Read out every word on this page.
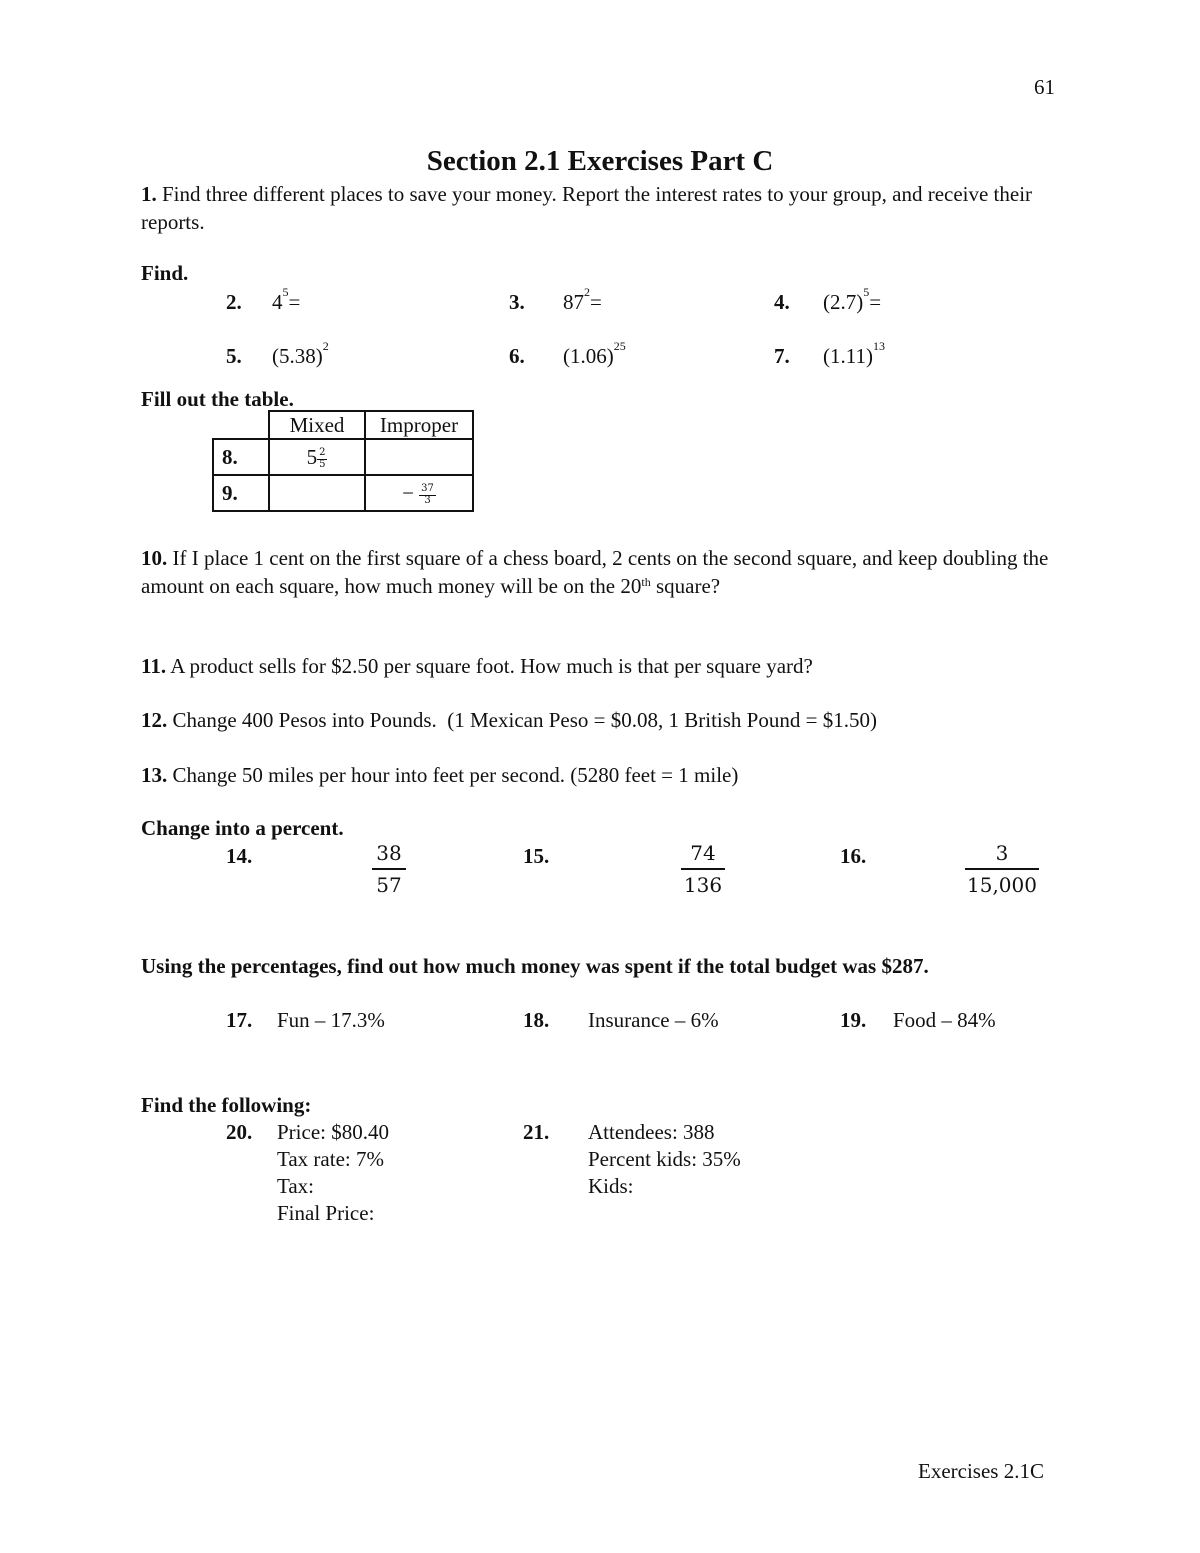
61
Section 2.1 Exercises Part C
1. Find three different places to save your money. Report the interest rates to your group, and receive their reports.
Find.
2. $4^5=$	3. $87^2=$	4. $(2.7)^5=$
5. $(5.38)^2$	6. $(1.06)^{25}$	7. $(1.11)^{13}$
Fill out the table.
	Mixed	Improper
8.	$5 \frac{2}{5}$

9.		− $\frac{37}{3}$
10. If I place 1 cent on the first square of a chess board, 2 cents on the second square, and keep doubling the amount on each square, how much money will be on the 20th square?
11. A product sells for $2.50 per square foot. How much is that per square yard?
12. Change 400 Pesos into Pounds.  (1 Mexican Peso = $0.08, 1 British Pound = $1.50)
13. Change 50 miles per hour into feet per second. (5280 feet = 1 mile)
Change into a percent.
14.	$\frac{38}{57}$	15.	$\frac{74}{136}$	16.	$\frac{3}{15,000}$
Using the percentages, find out how much money was spent if the total budget was $287.
17. Fun – 17.3%	18. Insurance – 6%	19. Food – 84%
Find the following:
20. Price: $80.40
Tax rate: 7%
Tax:
Final Price:
21. Attendees: 388
Percent kids: 35%
Kids:
Exercises 2.1C
